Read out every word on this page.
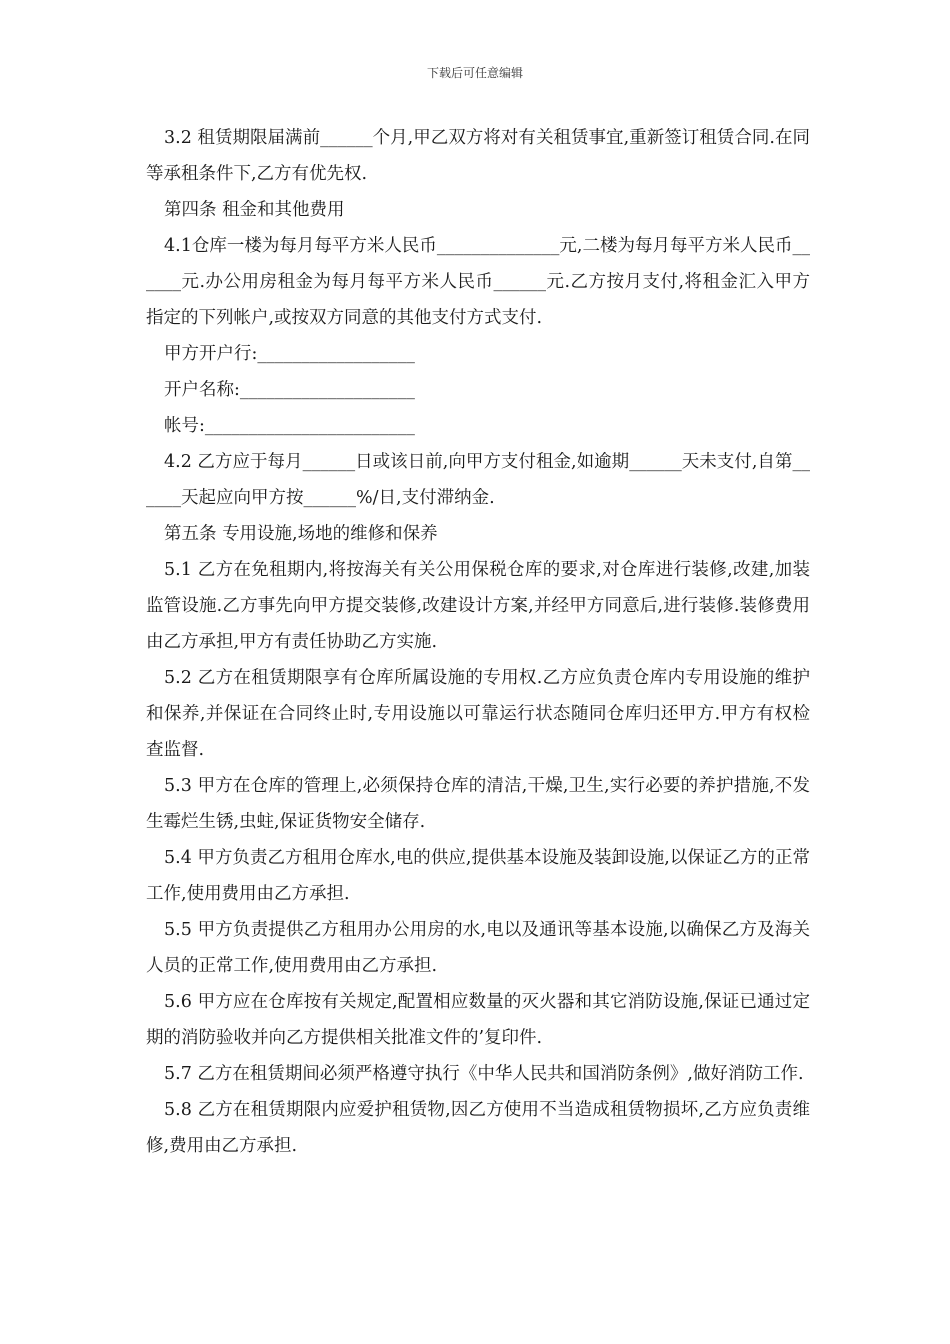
下载后可任意编辑

3.2 租赁期限届满前______个月,甲乙双方将对有关租赁事宜,重新签订租赁合同.在同等承租条件下,乙方有优先权.

第四条 租金和其他费用

4.1仓库一楼为每月每平方米人民币______________元,二楼为每月每平方米人民币______元.办公用房租金为每月每平方米人民币______元.乙方按月支付,将租金汇入甲方指定的下列帐户,或按双方同意的其他支付方式支付.

甲方开户行:__________________

开户名称:____________________

帐号:________________________

4.2 乙方应于每月______日或该日前,向甲方支付租金,如逾期______天未支付,自第______天起应向甲方按______%/日,支付滞纳金.

第五条 专用设施,场地的维修和保养

5.1 乙方在免租期内,将按海关有关公用保税仓库的要求,对仓库进行装修,改建,加装监管设施.乙方事先向甲方提交装修,改建设计方案,并经甲方同意后,进行装修.装修费用由乙方承担,甲方有责任协助乙方实施.

5.2 乙方在租赁期限享有仓库所属设施的专用权.乙方应负责仓库内专用设施的维护和保养,并保证在合同终止时,专用设施以可靠运行状态随同仓库归还甲方.甲方有权检查监督.

5.3 甲方在仓库的管理上,必须保持仓库的清洁,干燥,卫生,实行必要的养护措施,不发生霉烂生锈,虫蛀,保证货物安全储存.

5.4 甲方负责乙方租用仓库水,电的供应,提供基本设施及装卸设施,以保证乙方的正常工作,使用费用由乙方承担.

5.5 甲方负责提供乙方租用办公用房的水,电以及通讯等基本设施,以确保乙方及海关人员的正常工作,使用费用由乙方承担.

5.6 甲方应在仓库按有关规定,配置相应数量的灭火器和其它消防设施,保证已通过定期的消防验收并向乙方提供相关批准文件的’复印件.

5.7 乙方在租赁期间必须严格遵守执行《中华人民共和国消防条例》,做好消防工作.

5.8 乙方在租赁期限内应爱护租赁物,因乙方使用不当造成租赁物损坏,乙方应负责维修,费用由乙方承担.
